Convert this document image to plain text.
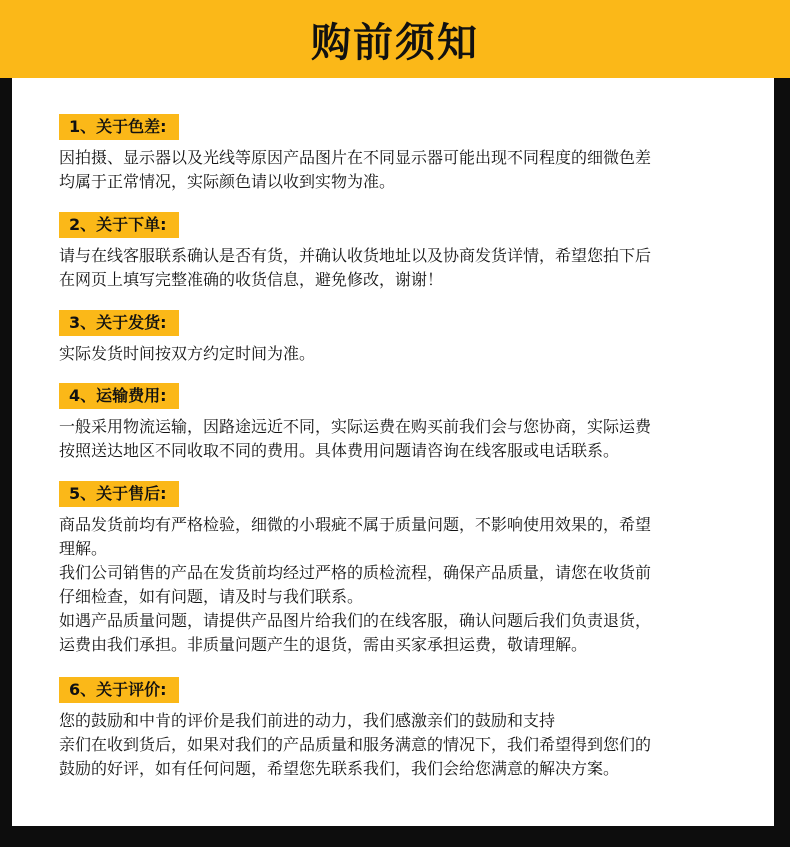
购前须知
1、关于色差:

因拍摄、显示器以及光线等原因产品图片在不同显示器可能出现不同程度的细微色差

均属于正常情况，实际颜色请以收到实物为准。

2、关于下单:

请与在线客服联系确认是否有货，并确认收货地址以及协商发货详情，希望您拍下后

在网页上填写完整准确的收货信息，避免修改，谢谢！

3、关于发货:

实际发货时间按双方约定时间为准。

4、运输费用:

一般采用物流运输，因路途远近不同，实际运费在购买前我们会与您协商，实际运费

按照送达地区不同收取不同的费用。具体费用问题请咨询在线客服或电话联系。

5、关于售后:

商品发货前均有严格检验，细微的小瑕疵不属于质量问题，不影响使用效果的，希望

理解。

我们公司销售的产品在发货前均经过严格的质检流程，确保产品质量，请您在收货前

仔细检查，如有问题，请及时与我们联系。

如遇产品质量问题，请提供产品图片给我们的在线客服，确认问题后我们负责退货，

运费由我们承担。非质量问题产生的退货，需由买家承担运费，敬请理解。

6、关于评价:

您的鼓励和中肯的评价是我们前进的动力，我们感激亲们的鼓励和支持

亲们在收到货后，如果对我们的产品质量和服务满意的情况下，我们希望得到您们的

鼓励的好评，如有任何问题，希望您先联系我们，我们会给您满意的解决方案。
